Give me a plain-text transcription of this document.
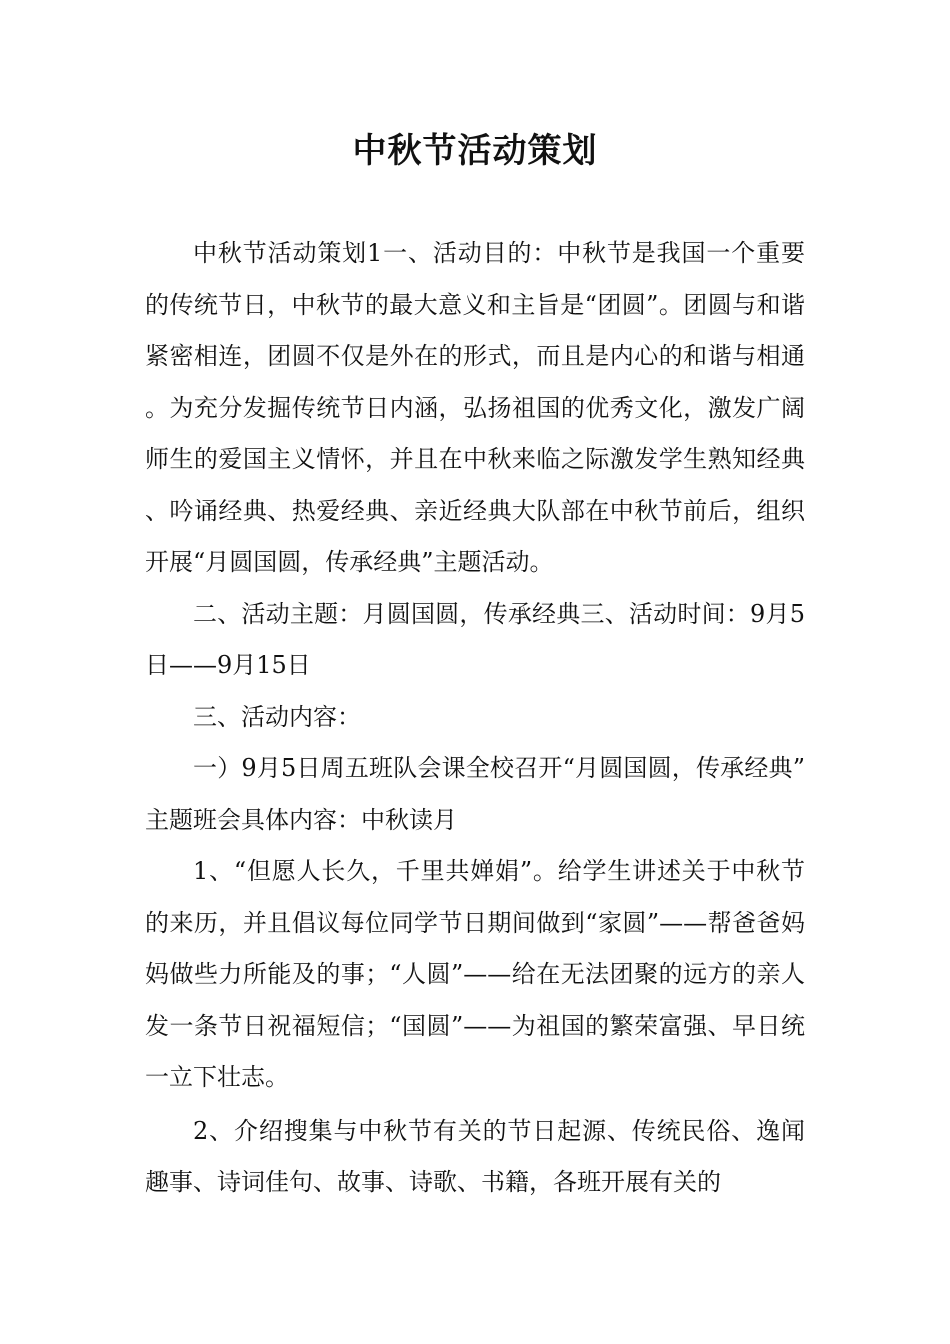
中秋节活动策划

中秋节活动策划1一、活动目的：中秋节是我国一个重要的传统节日，中秋节的最大意义和主旨是“团圆”。团圆与和谐紧密相连，团圆不仅是外在的形式，而且是内心的和谐与相通。为充分发掘传统节日内涵，弘扬祖国的优秀文化，激发广阔师生的爱国主义情怀，并且在中秋来临之际激发学生熟知经典、吟诵经典、热爱经典、亲近经典大队部在中秋节前后，组织开展“月圆国圆，传承经典”主题活动。

二、活动主题：月圆国圆，传承经典三、活动时间：9月5日——9月15日

三、活动内容：

一）9月5日周五班队会课全校召开“月圆国圆，传承经典”主题班会具体内容：中秋读月

1、“但愿人长久，千里共婵娟”。给学生讲述关于中秋节的来历，并且倡议每位同学节日期间做到“家圆”——帮爸爸妈妈做些力所能及的事；“人圆”——给在无法团聚的远方的亲人发一条节日祝福短信；“国圆”——为祖国的繁荣富强、早日统一立下壮志。

2、介绍搜集与中秋节有关的节日起源、传统民俗、逸闻趣事、诗词佳句、故事、诗歌、书籍，各班开展有关的
